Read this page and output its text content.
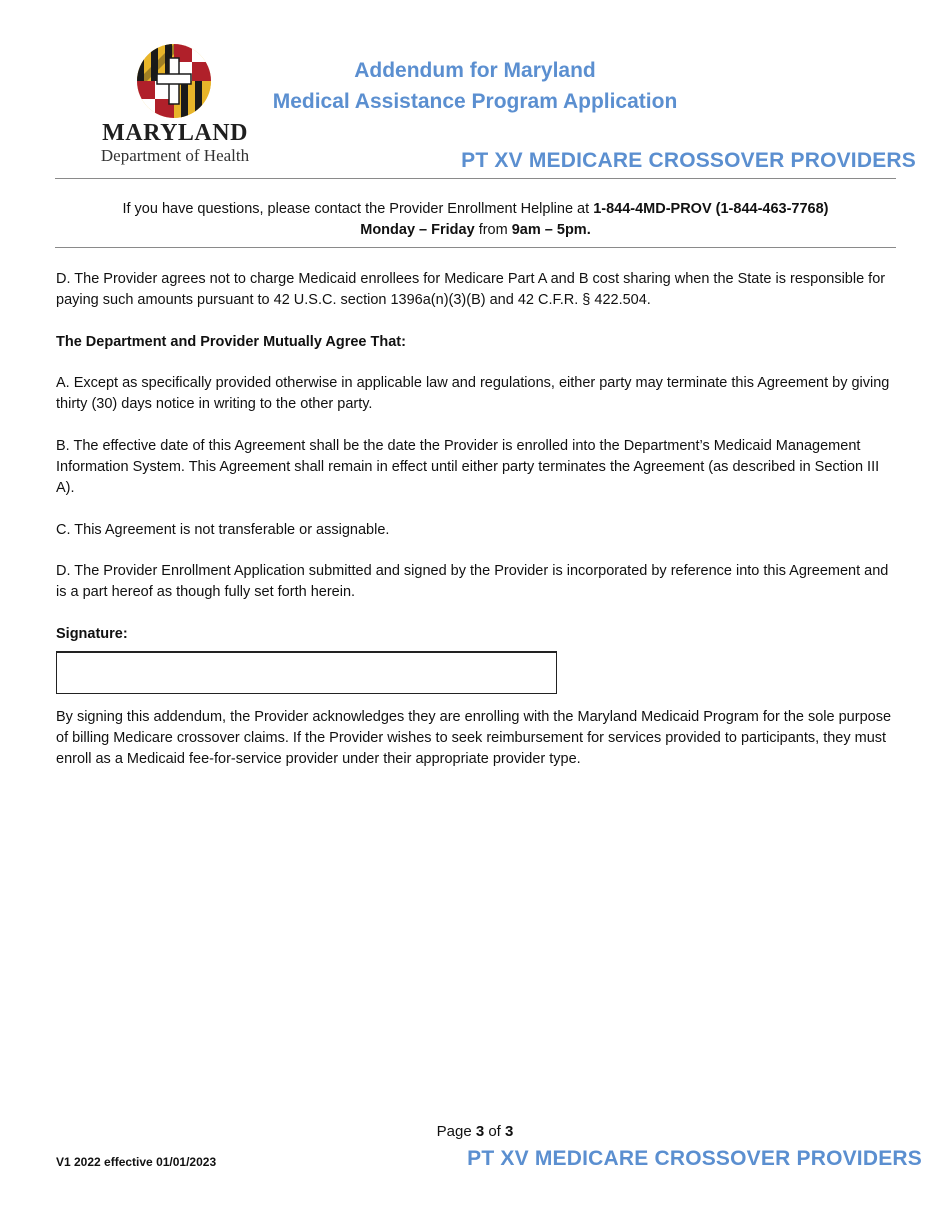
MARYLAND
Department of Health
Addendum for Maryland
Medical Assistance Program Application
PT XV MEDICARE CROSSOVER PROVIDERS
If you have questions, please contact the Provider Enrollment Helpline at 1-844-4MD-PROV (1-844-463-7768)
Monday – Friday from 9am – 5pm.

D. The Provider agrees not to charge Medicaid enrollees for Medicare Part A and B cost sharing when the State is responsible for paying such amounts pursuant to 42 U.S.C. section 1396a(n)(3)(B) and 42 C.F.R. § 422.504.

The Department and Provider Mutually Agree That:

A. Except as specifically provided otherwise in applicable law and regulations, either party may terminate this Agreement by giving thirty (30) days notice in writing to the other party.

B. The effective date of this Agreement shall be the date the Provider is enrolled into the Department’s Medicaid Management Information System. This Agreement shall remain in effect until either party terminates the Agreement (as described in Section III A).

C. This Agreement is not transferable or assignable.

D. The Provider Enrollment Application submitted and signed by the Provider is incorporated by reference into this Agreement and is a part hereof as though fully set forth herein.

Signature:

By signing this addendum, the Provider acknowledges they are enrolling with the Maryland Medicaid Program for the sole purpose of billing Medicare crossover claims. If the Provider wishes to seek reimbursement for services provided to participants, they must enroll as a Medicaid fee-for-service provider under their appropriate provider type.

Page 3 of 3
V1 2022 effective 01/01/2023	PT XV MEDICARE CROSSOVER PROVIDERS
